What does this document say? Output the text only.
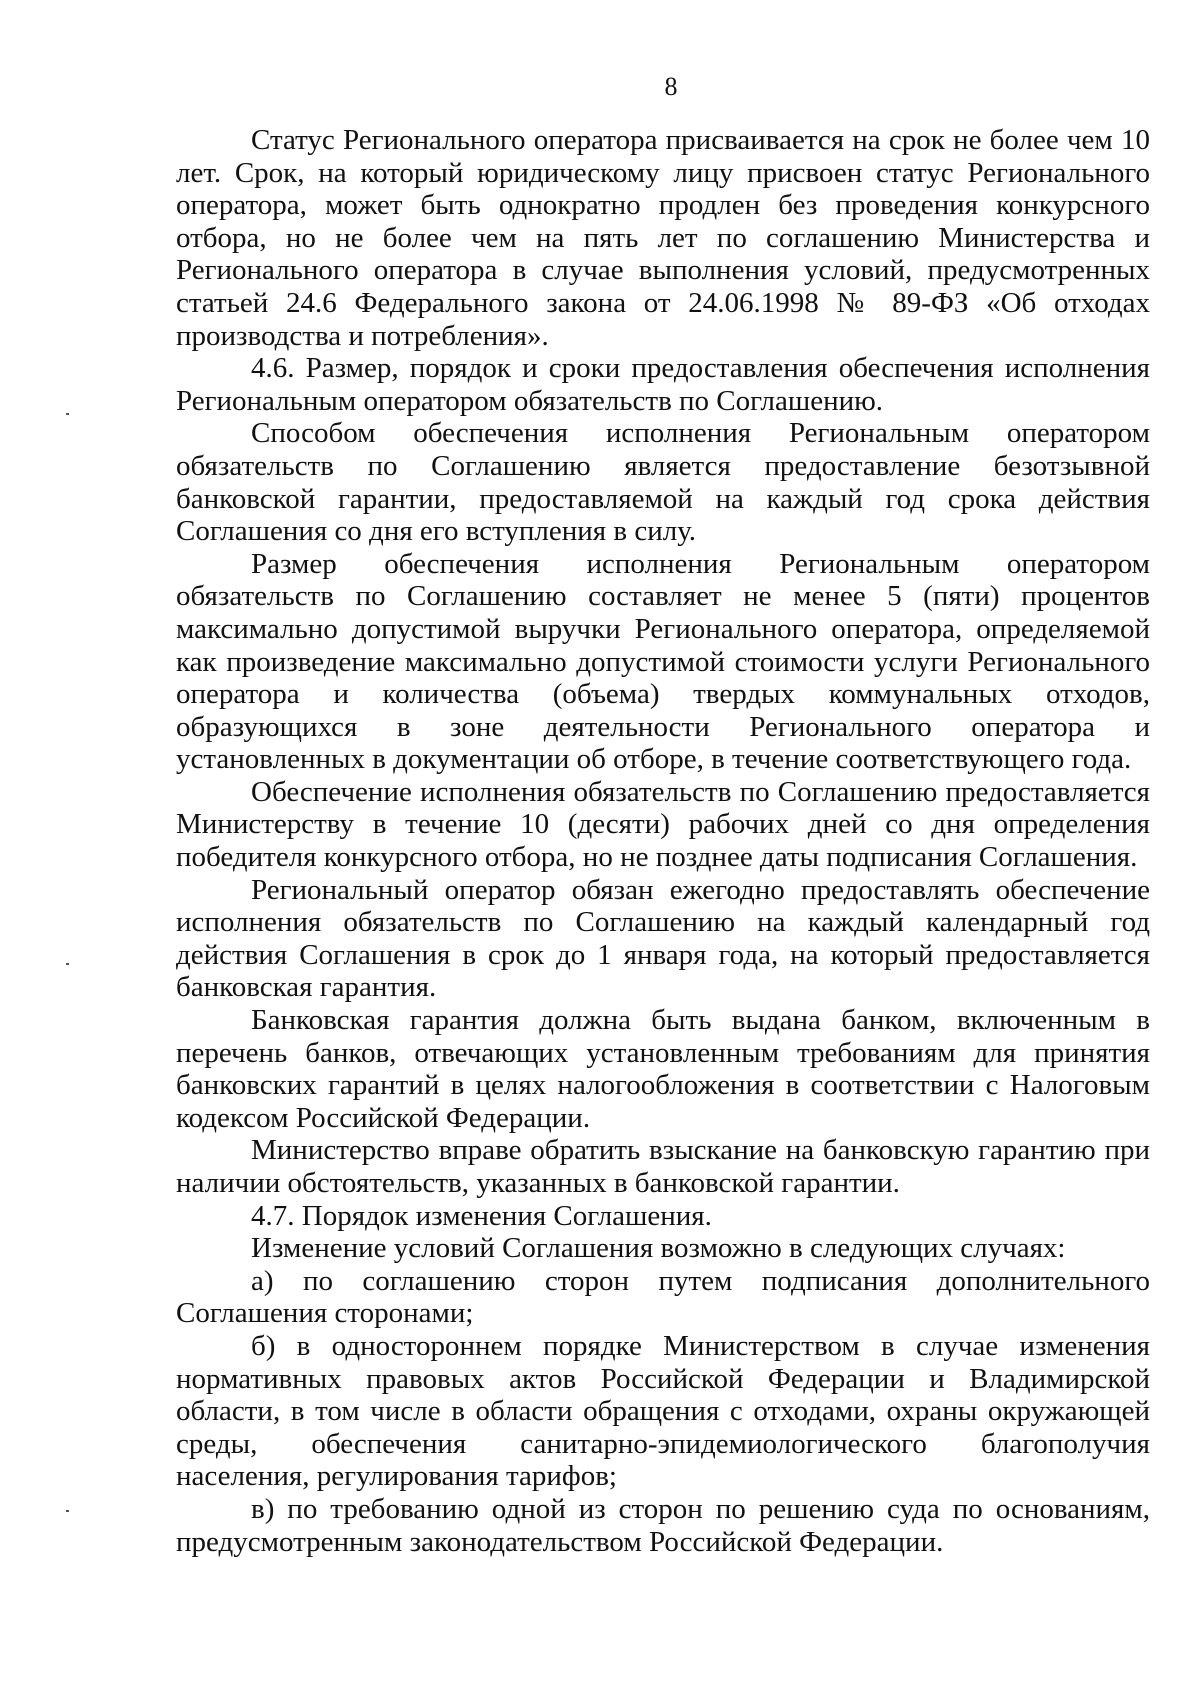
8

Статус Регионального оператора присваивается на срок не более чем 10 лет. Срок, на который юридическому лицу присвоен статус Регионального оператора, может быть однократно продлен без проведения конкурсного отбора, но не более чем на пять лет по соглашению Министерства и Регионального оператора в случае выполнения условий, предусмотренных статьей 24.6 Федерального закона от 24.06.1998 № 89-ФЗ «Об отходах производства и потребления».

4.6. Размер, порядок и сроки предоставления обеспечения исполнения Региональным оператором обязательств по Соглашению.

Способом обеспечения исполнения Региональным оператором обязательств по Соглашению является предоставление безотзывной банковской гарантии, предоставляемой на каждый год срока действия Соглашения со дня его вступления в силу.

Размер обеспечения исполнения Региональным оператором обязательств по Соглашению составляет не менее 5 (пяти) процентов максимально допустимой выручки Регионального оператора, определяемой как произведение максимально допустимой стоимости услуги Регионального оператора и количества (объема) твердых коммунальных отходов, образующихся в зоне деятельности Регионального оператора и установленных в документации об отборе, в течение соответствующего года.

Обеспечение исполнения обязательств по Соглашению предоставляется Министерству в течение 10 (десяти) рабочих дней со дня определения победителя конкурсного отбора, но не позднее даты подписания Соглашения.

Региональный оператор обязан ежегодно предоставлять обеспечение исполнения обязательств по Соглашению на каждый календарный год действия Соглашения в срок до 1 января года, на который предоставляется банковская гарантия.

Банковская гарантия должна быть выдана банком, включенным в перечень банков, отвечающих установленным требованиям для принятия банковских гарантий в целях налогообложения в соответствии с Налоговым кодексом Российской Федерации.

Министерство вправе обратить взыскание на банковскую гарантию при наличии обстоятельств, указанных в банковской гарантии.

4.7. Порядок изменения Соглашения.

Изменение условий Соглашения возможно в следующих случаях:

а) по соглашению сторон путем подписания дополнительного Соглашения сторонами;

б) в одностороннем порядке Министерством в случае изменения нормативных правовых актов Российской Федерации и Владимирской области, в том числе в области обращения с отходами, охраны окружающей среды, обеспечения санитарно-эпидемиологического благополучия населения, регулирования тарифов;

в) по требованию одной из сторон по решению суда по основаниям, предусмотренным законодательством Российской Федерации.
